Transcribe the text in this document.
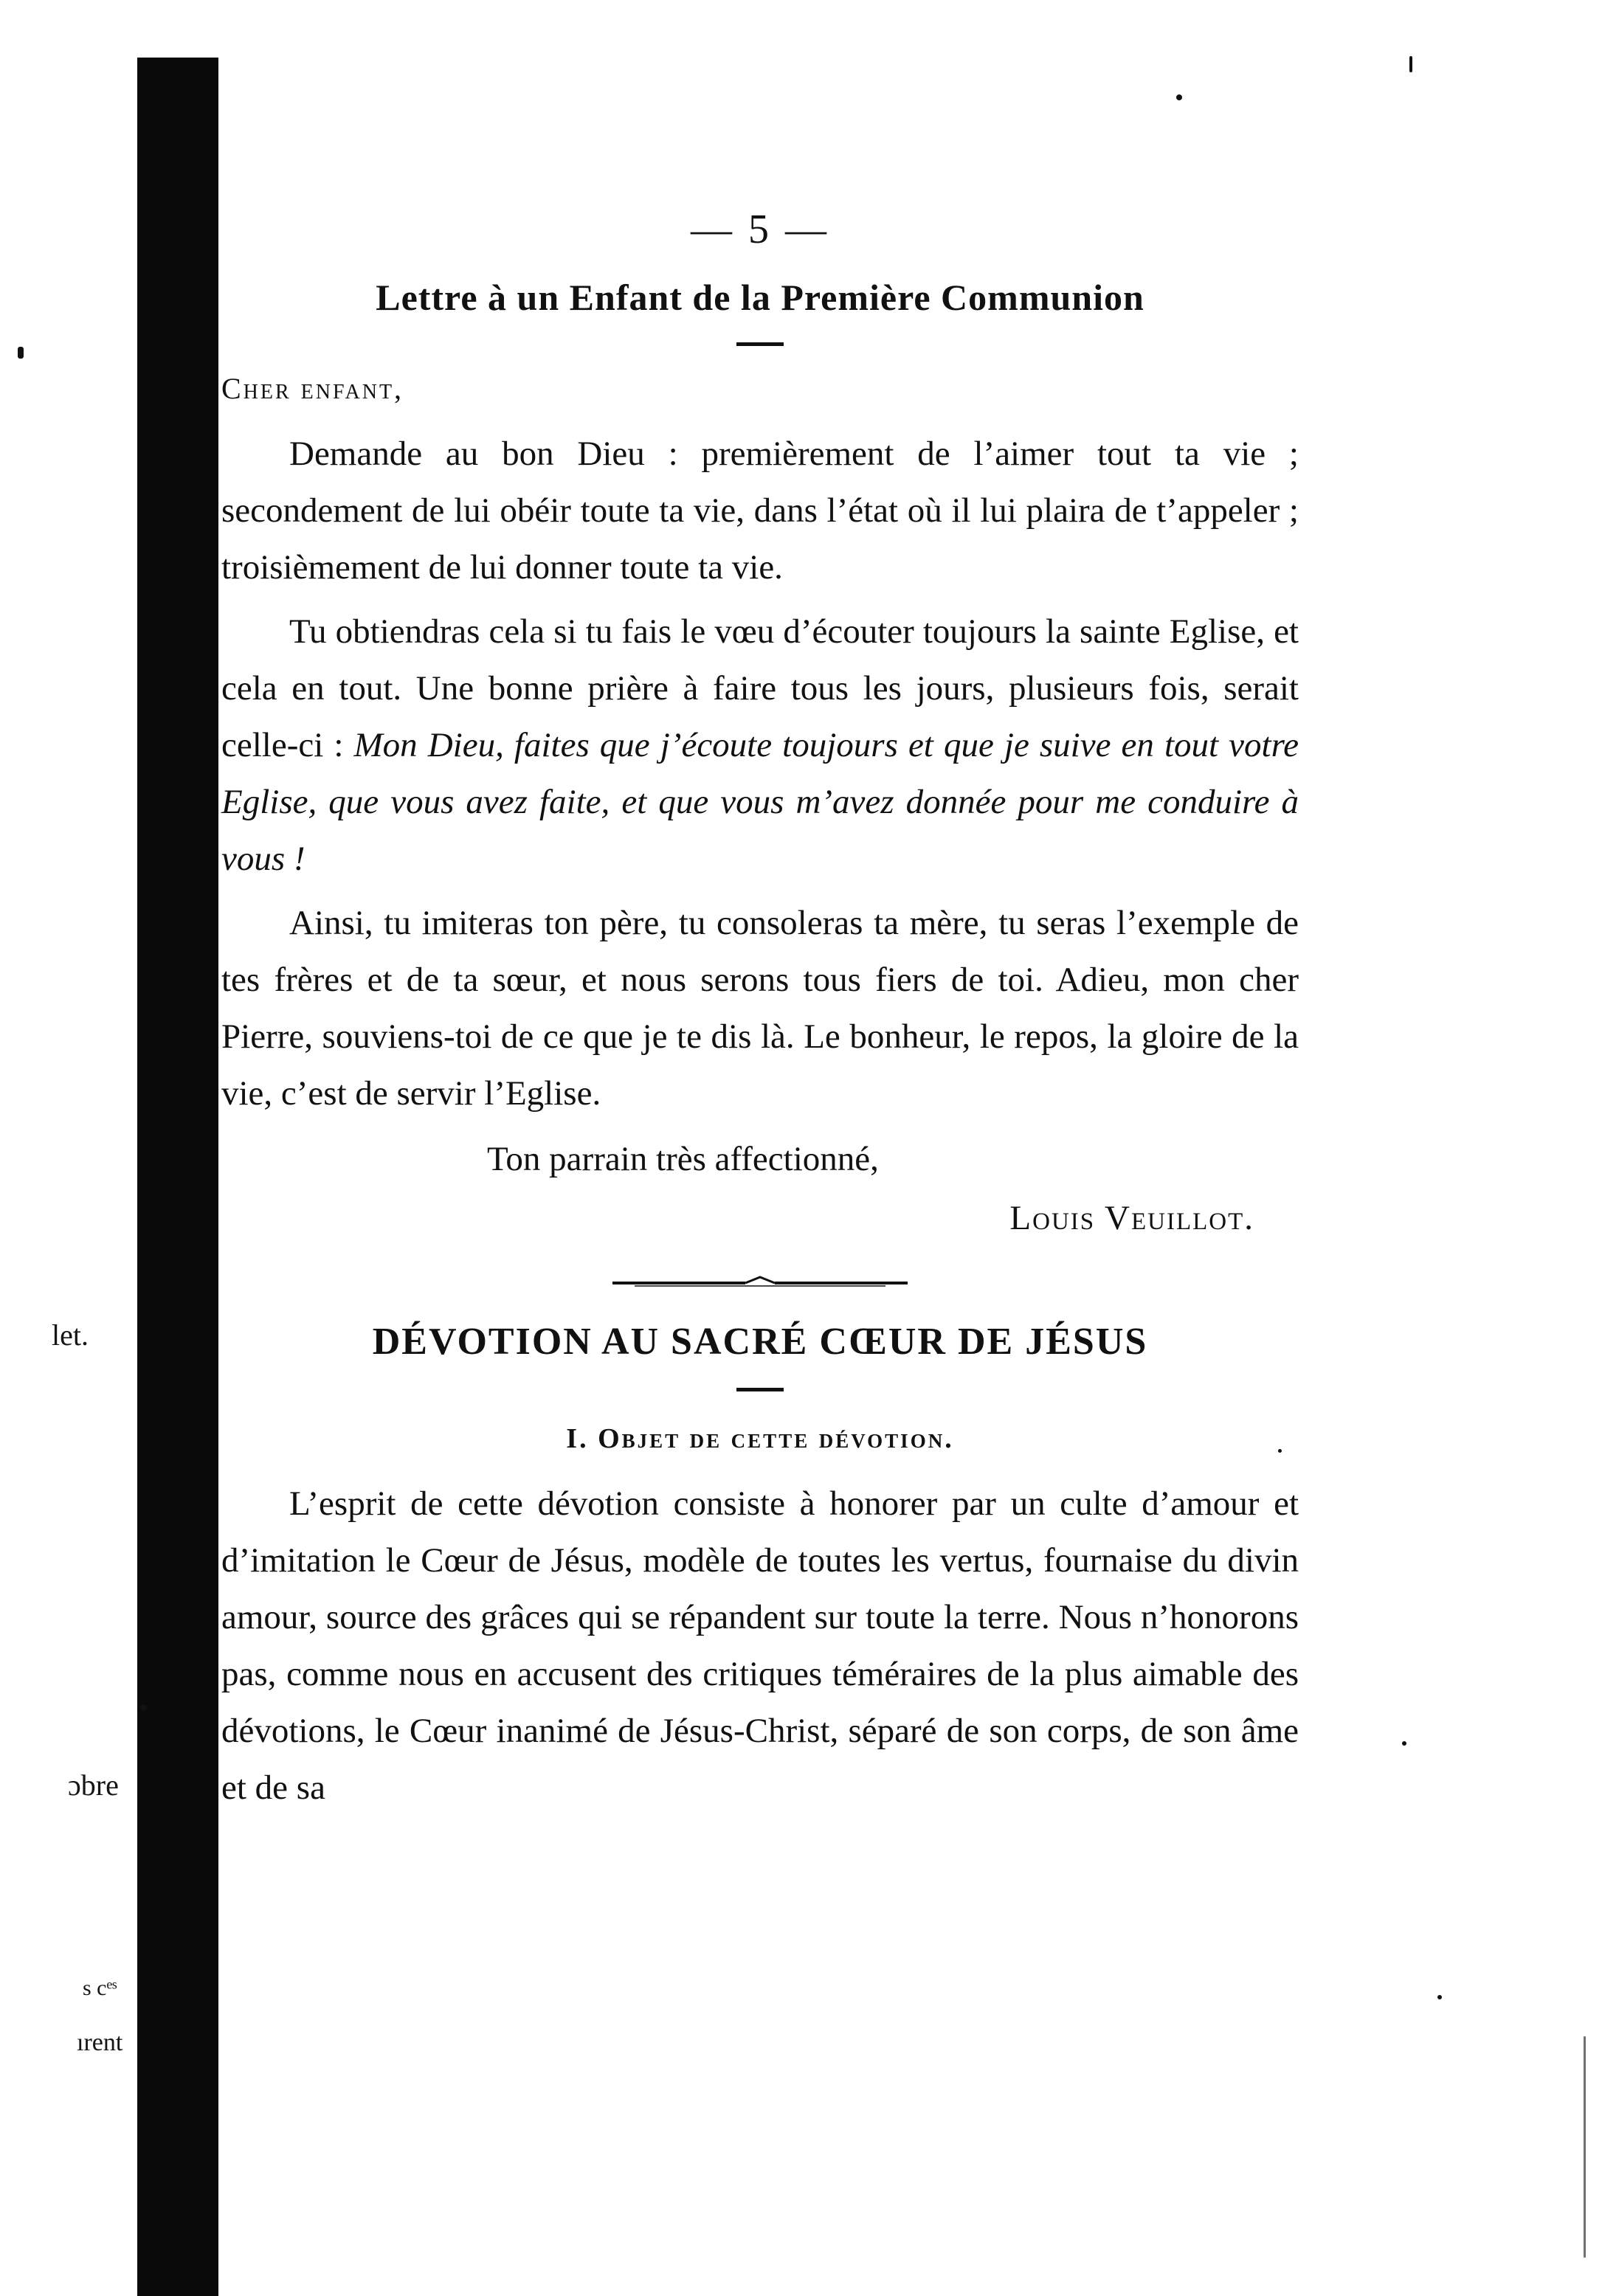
let.
ɔbre
s cᵉˢ
ırent
— 5 —
Lettre à un Enfant de la Première Communion
Cher enfant,

Demande au bon Dieu : premièrement de l’aimer tout ta vie ; secondement de lui obéir toute ta vie, dans l’état où il lui plaira de t’appeler ; troisièmement de lui donner toute ta vie.

Tu obtiendras cela si tu fais le vœu d’écouter toujours la sainte Eglise, et cela en tout. Une bonne prière à faire tous les jours, plusieurs fois, serait celle-ci : Mon Dieu, faites que j’écoute toujours et que je suive en tout votre Eglise, que vous avez faite, et que vous m’avez donnée pour me conduire à vous !

Ainsi, tu imiteras ton père, tu consoleras ta mère, tu seras l’exemple de tes frères et de ta sœur, et nous serons tous fiers de toi. Adieu, mon cher Pierre, souviens-toi de ce que je te dis là. Le bonheur, le repos, la gloire de la vie, c’est de servir l’Eglise.

Ton parrain très affectionné,
Louis Veuillot.
DÉVOTION AU SACRÉ CŒUR DE JÉSUS
I. Objet de cette dévotion.

L’esprit de cette dévotion consiste à honorer par un culte d’amour et d’imitation le Cœur de Jésus, modèle de toutes les vertus, fournaise du divin amour, source des grâces qui se répandent sur toute la terre. Nous n’honorons pas, comme nous en accusent des critiques téméraires de la plus aimable des dévotions, le Cœur inanimé de Jésus-Christ, séparé de son corps, de son âme et de sa
